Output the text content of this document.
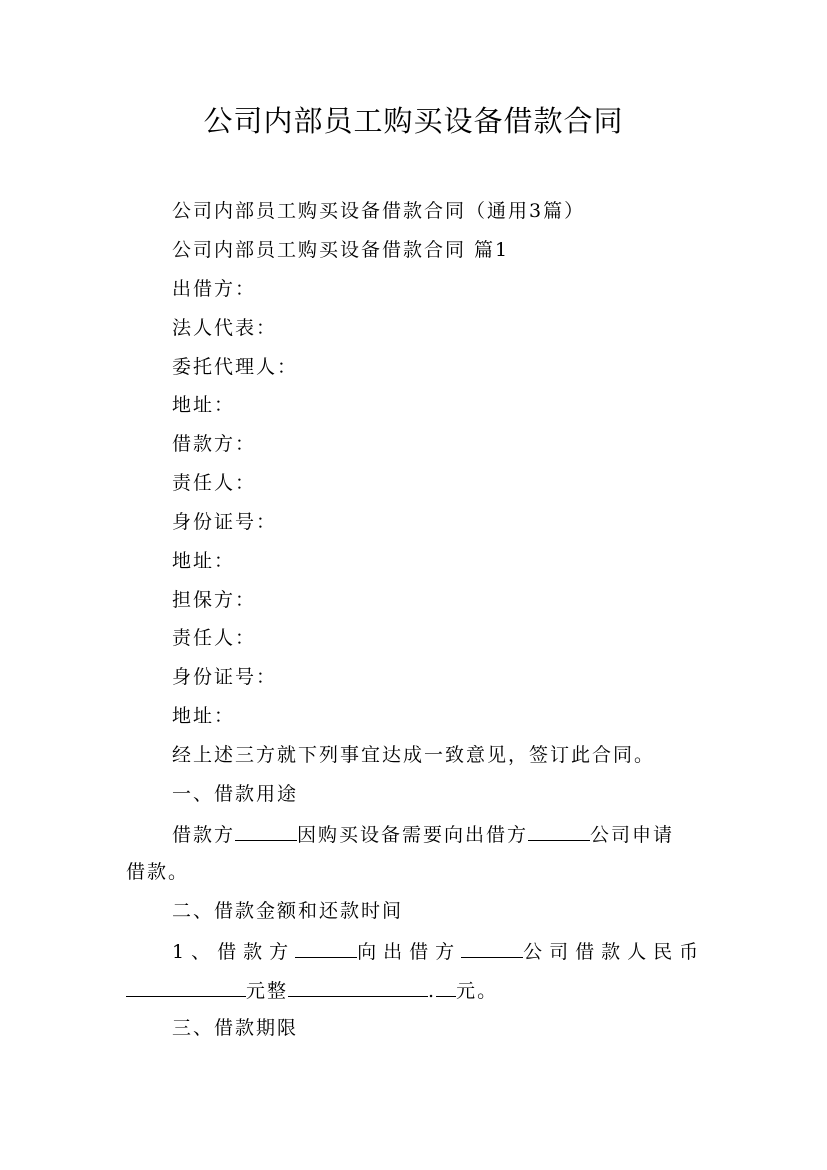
公司内部员工购买设备借款合同
公司内部员工购买设备借款合同（通用3篇）
公司内部员工购买设备借款合同 篇1
出借方：
法人代表：
委托代理人：
地址：
借款方：
责任人：
身份证号：
地址：
担保方：
责任人：
身份证号：
地址：
经上述三方就下列事宜达成一致意见，签订此合同。
一、借款用途
借款方	因购买设备需要向出借方	公司申请
借款。
二、借款金额和还款时间
1、借款方	向出借方	公司借款人民币
元整	. 元。
三、借款期限
